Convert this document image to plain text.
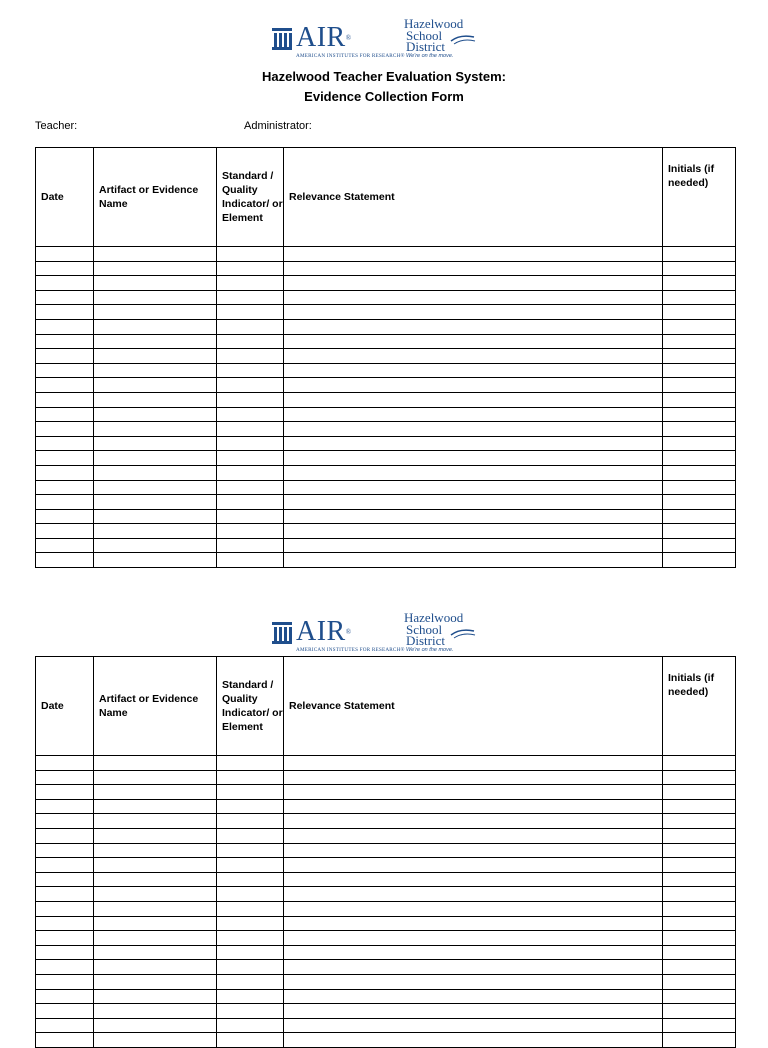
AIR®
AMERICAN INSTITUTES FOR RESEARCH®
Hazelwood
School
District
We're on the move.
Hazelwood Teacher Evaluation System:
Evidence Collection Form
Teacher:	Administrator:
Date	Artifact or Evidence Name	Standard / Quality Indicator/ or Element	Relevance Statement	Initials (if needed)

AIR®
AMERICAN INSTITUTES FOR RESEARCH®
Hazelwood
School
District
We're on the move.
Date	Artifact or Evidence Name	Standard / Quality Indicator/ or Element	Relevance Statement	Initials (if needed)
